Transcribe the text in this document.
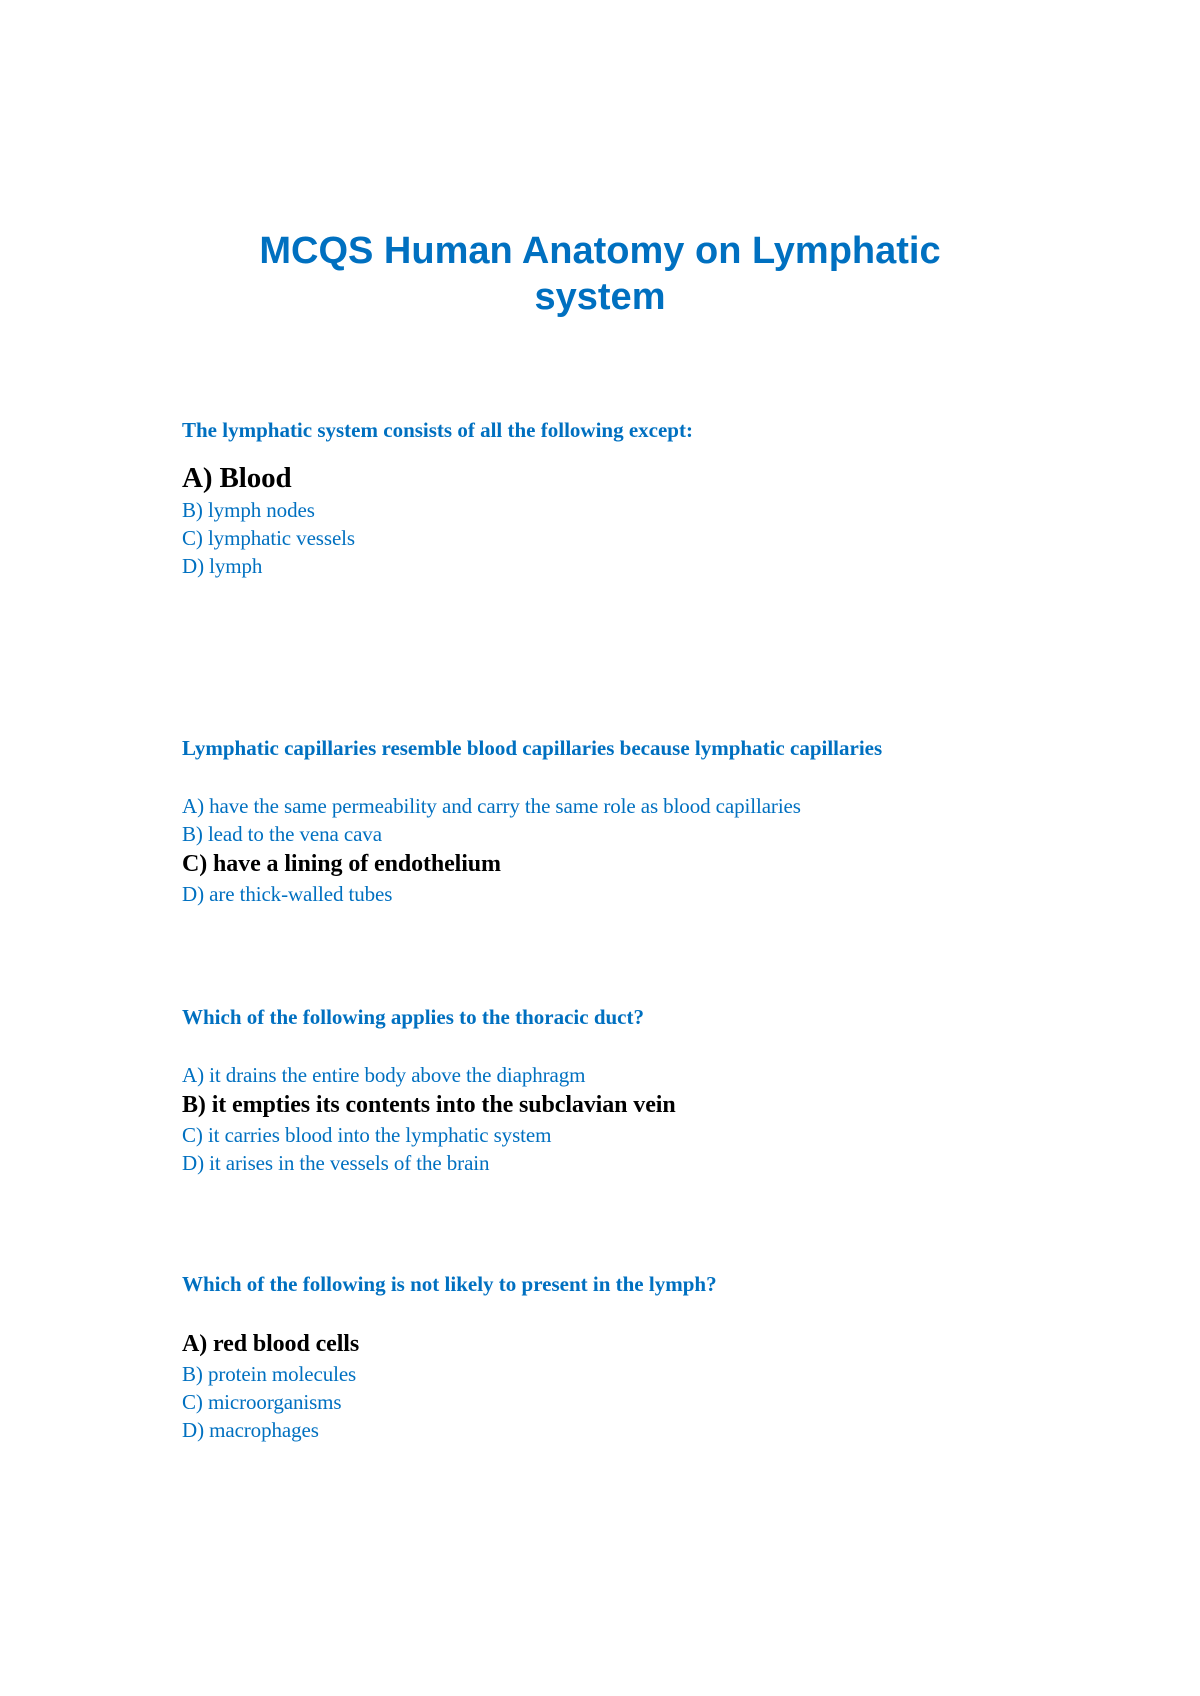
MCQS Human Anatomy on Lymphatic
system
The lymphatic system consists of all the following except:
A) Blood
B) lymph nodes
C) lymphatic vessels
D) lymph
Lymphatic capillaries resemble blood capillaries because lymphatic capillaries
A) have the same permeability and carry the same role as blood capillaries
B) lead to the vena cava
C) have a lining of endothelium
D) are thick-walled tubes
Which of the following applies to the thoracic duct?
A) it drains the entire body above the diaphragm
B) it empties its contents into the subclavian vein
C) it carries blood into the lymphatic system
D) it arises in the vessels of the brain
Which of the following is not likely to present in the lymph?
A) red blood cells
B) protein molecules
C) microorganisms
D) macrophages
